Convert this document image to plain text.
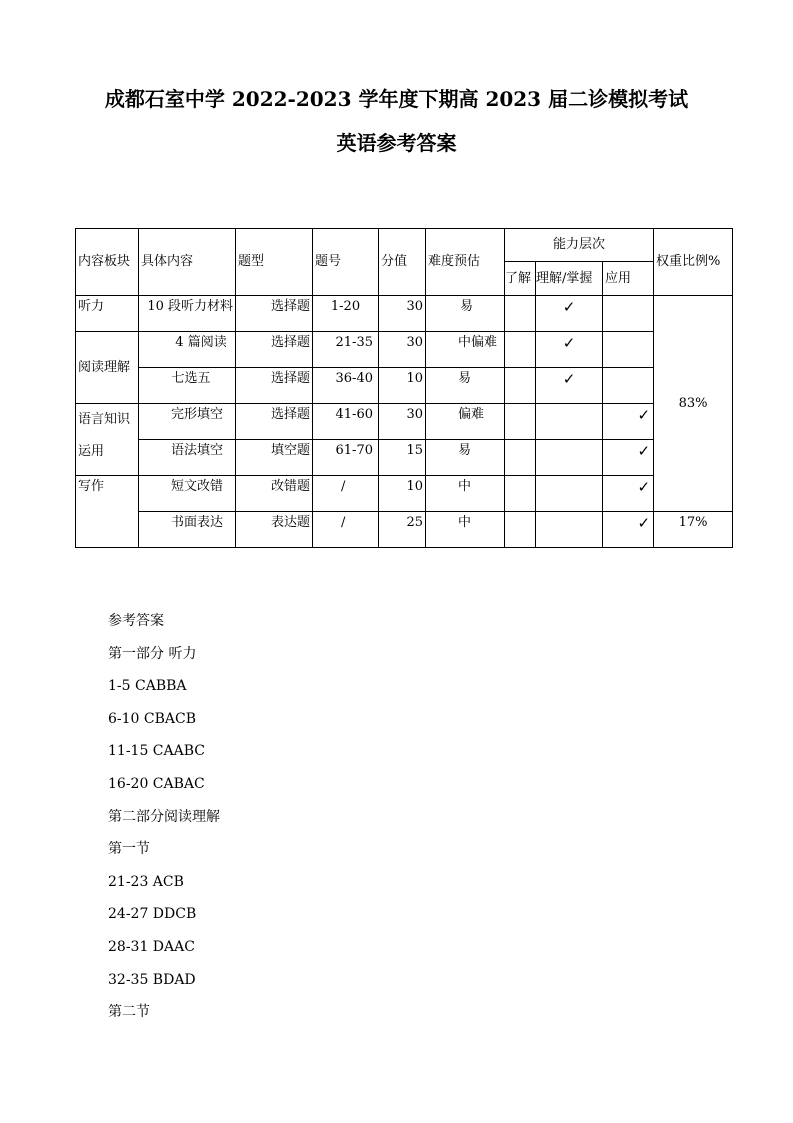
成都石室中学 2022-2023 学年度下期高 2023 届二诊模拟考试
英语参考答案
内容板块	具体内容	题型	题号	分值	难度预估	能力层次			权重比例%
						了解	理解/掌握	应用	
听力	10 段听力材料	选择题	1-20	30	易		✓		83%
阅读理解	4 篇阅读	选择题	21-35	30	中偏难		✓		
	七选五	选择题	36-40	10	易		✓		
语言知识运用	完形填空	选择题	41-60	30	偏难			✓	
	语法填空	填空题	61-70	15	易			✓	
写作	短文改错	改错题	/	10	中			✓	
	书面表达	表达题	/	25	中			✓	17%
参考答案
第一部分 听力
1-5 CABBA
6-10 CBACB
11-15 CAABC
16-20 CABAC
第二部分阅读理解
第一节
21-23 ACB
24-27 DDCB
28-31 DAAC
32-35 BDAD
第二节
